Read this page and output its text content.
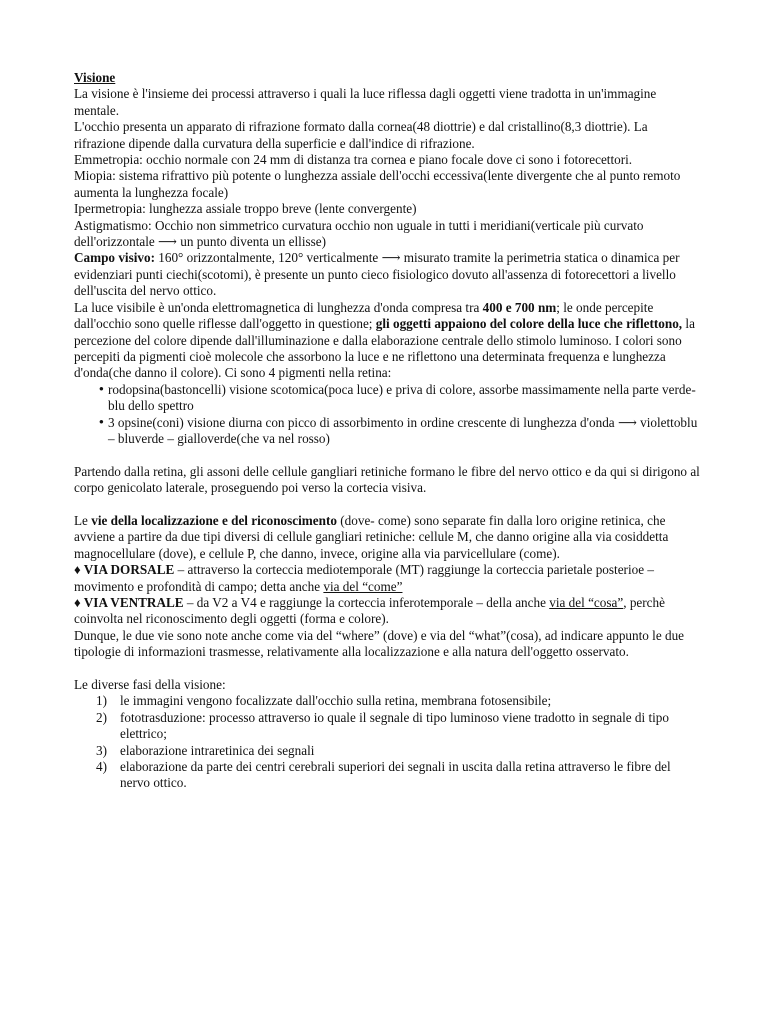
Visione

La visione è l'insieme dei processi attraverso i quali la luce riflessa dagli oggetti viene tradotta in un'immagine mentale.

L'occhio presenta un apparato di rifrazione formato dalla cornea(48 diottrie) e dal cristallino(8,3 diottrie). La rifrazione dipende dalla curvatura della superficie e dall'indice di rifrazione.

Emmetropia: occhio normale con 24 mm di distanza tra cornea e piano focale dove ci sono i fotorecettori.

Miopia: sistema rifrattivo più potente o lunghezza assiale dell'occhi eccessiva(lente divergente che al punto remoto aumenta la lunghezza focale)

Ipermetropia: lunghezza assiale troppo breve (lente convergente)

Astigmatismo: Occhio non simmetrico curvatura occhio non uguale in tutti i meridiani(verticale più curvato dell'orizzontale ⟶ un punto diventa un ellisse)

Campo visivo: 160° orizzontalmente, 120° verticalmente ⟶ misurato tramite la perimetria statica o dinamica per evidenziari punti ciechi(scotomi), è presente un punto cieco fisiologico dovuto all'assenza di fotorecettori a livello dell'uscita del nervo ottico.

La luce visibile è un'onda elettromagnetica di lunghezza d'onda compresa tra 400 e 700 nm; le onde percepite dall'occhio sono quelle riflesse dall'oggetto in questione; gli oggetti appaiono del colore della luce che riflettono, la percezione del colore dipende dall'illuminazione e dalla elaborazione centrale dello stimolo luminoso. I colori sono percepiti da pigmenti cioè molecole che assorbono la luce e ne riflettono una determinata frequenza e lunghezza d'onda(che danno il colore). Ci sono 4 pigmenti nella retina:

• rodopsina(bastoncelli) visione scotomica(poca luce) e priva di colore, assorbe massimamente nella parte verde-blu dello spettro
• 3 opsine(coni) visione diurna con picco di assorbimento in ordine crescente di lunghezza d'onda ⟶ violettoblu – bluverde – gialloverde(che va nel rosso)

Partendo dalla retina, gli assoni delle cellule gangliari retiniche formano le fibre del nervo ottico e da qui si dirigono al corpo genicolato laterale, proseguendo poi verso la cortecia visiva.

Le vie della localizzazione e del riconoscimento (dove- come) sono separate fin dalla loro origine retinica, che avviene a partire da due tipi diversi di cellule gangliari retiniche: cellule M, che danno origine alla via cosiddetta magnocellulare (dove), e cellule P, che danno, invece, origine alla via parvicellulare (come).

♦ VIA DORSALE – attraverso la corteccia mediotemporale (MT) raggiunge la corteccia parietale posterioe – movimento e profondità di campo; detta anche via del “come”

♦ VIA VENTRALE – da V2 a V4 e raggiunge la corteccia inferotemporale – della anche via del “cosa”, perchè coinvolta nel riconoscimento degli oggetti (forma e colore).

Dunque, le due vie sono note anche come via del “where” (dove) e via del “what”(cosa), ad indicare appunto le due tipologie di informazioni trasmesse, relativamente alla localizzazione e alla natura dell'oggetto osservato.

Le diverse fasi della visione:

1) le immagini vengono focalizzate dall'occhio sulla retina, membrana fotosensibile;
2) fototrasduzione: processo attraverso io quale il segnale di tipo luminoso viene tradotto in segnale di tipo elettrico;
3) elaborazione intraretinica dei segnali
4) elaborazione da parte dei centri cerebrali superiori dei segnali in uscita dalla retina attraverso le fibre del nervo ottico.
